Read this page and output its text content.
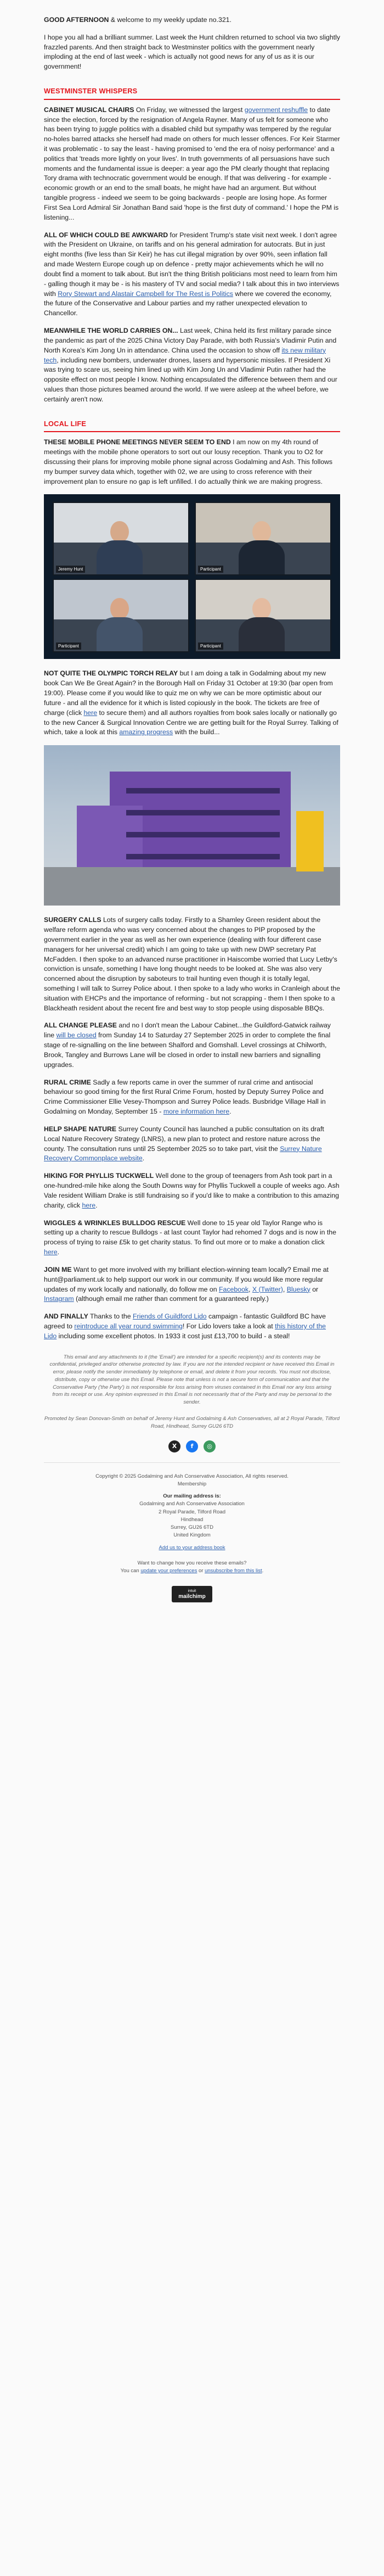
GOOD AFTERNOON & welcome to my weekly update no.321.

I hope you all had a brilliant summer. Last week the Hunt children returned to school via two slightly frazzled parents. And then straight back to Westminster politics with the government nearly imploding at the end of last week - which is actually not good news for any of us as it is our government!

WESTMINSTER WHISPERS

CABINET MUSICAL CHAIRS On Friday, we witnessed the largest government reshuffle to date since the election, forced by the resignation of Angela Rayner. Many of us felt for someone who has been trying to juggle politics with a disabled child but sympathy was tempered by the regular no-holes barred attacks she herself had made on others for much lesser offences. For Keir Starmer it was problematic - to say the least - having promised to 'end the era of noisy performance' and a politics that 'treads more lightly on your lives'. In truth governments of all persuasions have such moments and the fundamental issue is deeper: a year ago the PM clearly thought that replacing Tory drama with technocratic government would be enough. If that was delivering - for example - economic growth or an end to the small boats, he might have had an argument. But without tangible progress - indeed we seem to be going backwards - people are losing hope. As former First Sea Lord Admiral Sir Jonathan Band said 'hope is the first duty of command.' I hope the PM is listening...

ALL OF WHICH COULD BE AWKWARD for President Trump's state visit next week. I don't agree with the President on Ukraine, on tariffs and on his general admiration for autocrats. But in just eight months (five less than Sir Keir) he has cut illegal migration by over 90%, seen inflation fall and made Western Europe cough up on defence - pretty major achievements which he will no doubt find a moment to talk about. But isn't the thing British politicians most need to learn from him - galling though it may be - is his mastery of TV and social media? I talk about this in two interviews with Rory Stewart and Alastair Campbell for The Rest is Politics where we covered the economy, the future of the Conservative and Labour parties and my rather unexpected elevation to Chancellor.

MEANWHILE THE WORLD CARRIES ON... Last week, China held its first military parade since the pandemic as part of the 2025 China Victory Day Parade, with both Russia's Vladimir Putin and North Korea's Kim Jong Un in attendance. China used the occasion to show off its new military tech, including new bombers, underwater drones, lasers and hypersonic missiles. If President Xi was trying to scare us, seeing him lined up with Kim Jong Un and Vladimir Putin rather had the opposite effect on most people I know. Nothing encapsulated the difference between them and our values than those pictures beamed around the world. If we were asleep at the wheel before, we certainly aren't now.

LOCAL LIFE

THESE MOBILE PHONE MEETINGS NEVER SEEM TO END I am now on my 4th round of meetings with the mobile phone operators to sort out our lousy reception. Thank you to O2 for discussing their plans for improving mobile phone signal across Godalming and Ash. This follows my bumper survey data which, together with 02, we are using to cross reference with their improvement plan to ensure no gap is left unfilled. I do actually think we are making progress.

Jeremy Hunt	Participant
Participant	Participant

NOT QUITE THE OLYMPIC TORCH RELAY but I am doing a talk in Godalming about my new book Can We Be Great Again? in the Borough Hall on Friday 31 October at 19:30 (bar open from 19:00). Please come if you would like to quiz me on why we can be more optimistic about our future - and all the evidence for it which is listed copiously in the book. The tickets are free of charge (click here to secure them) and all authors royalties from book sales locally or nationally go to the new Cancer & Surgical Innovation Centre we are getting built for the Royal Surrey. Talking of which, take a look at this amazing progress with the build...

SURGERY CALLS Lots of surgery calls today. Firstly to a Shamley Green resident about the welfare reform agenda who was very concerned about the changes to PIP proposed by the government earlier in the year as well as her own experience (dealing with four different case managers for her universal credit) which I am going to take up with new DWP secretary Pat McFadden. I then spoke to an advanced nurse practitioner in Haiscombe worried that Lucy Letby's conviction is unsafe, something I have long thought needs to be looked at. She was also very concerned about the disruption by saboteurs to trail hunting even though it is totally legal, something I will talk to Surrey Police about. I then spoke to a lady who works in Cranleigh about the situation with EHCPs and the importance of reforming - but not scrapping - them I then spoke to a Blackheath resident about the recent fire and best way to stop people using disposable BBQs.

ALL CHANGE PLEASE and no I don't mean the Labour Cabinet...the Guildford-Gatwick railway line will be closed from Sunday 14 to Saturday 27 September 2025 in order to complete the final stage of re-signalling on the line between Shalford and Gomshall. Level crossings at Chilworth, Brook, Tangley and Burrows Lane will be closed in order to install new barriers and signalling upgrades.

RURAL CRIME Sadly a few reports came in over the summer of rural crime and antisocial behaviour so good timing for the first Rural Crime Forum, hosted by Deputy Surrey Police and Crime Commissioner Ellie Vesey-Thompson and Surrey Police leads. Busbridge Village Hall in Godalming on Monday, September 15 - more information here.

HELP SHAPE NATURE Surrey County Council has launched a public consultation on its draft Local Nature Recovery Strategy (LNRS), a new plan to protect and restore nature across the county. The consultation runs until 25 September 2025 so to take part, visit the Surrey Nature Recovery Commonplace website.

HIKING FOR PHYLLIS TUCKWELL Well done to the group of teenagers from Ash took part in a one-hundred-mile hike along the South Downs way for Phyllis Tuckwell a couple of weeks ago. Ash Vale resident William Drake is still fundraising so if you'd like to make a contribution to this amazing charity, click here.

WIGGLES & WRINKLES BULLDOG RESCUE Well done to 15 year old Taylor Range who is setting up a charity to rescue Bulldogs - at last count Taylor had rehomed 7 dogs and is now in the process of trying to raise £5k to get charity status. To find out more or to make a donation click here.

JOIN ME Want to get more involved with my brilliant election-winning team locally? Email me at hunt@parliament.uk to help support our work in our community. If you would like more regular updates of my work locally and nationally, do follow me on Facebook, X (Twitter), Bluesky or Instagram (although email me rather than comment for a guaranteed reply.)

AND FINALLY Thanks to the Friends of Guildford Lido campaign - fantastic Guildford BC have agreed to reintroduce all year round swimming! For Lido lovers take a look at this history of the Lido including some excellent photos. In 1933 it cost just £13,700 to build - a steal!

This email and any attachments to it (the 'Email') are intended for a specific recipient(s) and its contents may be confidential, privileged and/or otherwise protected by law. If you are not the intended recipient or have received this Email in error, please notify the sender immediately by telephone or email, and delete it from your records. You must not disclose, distribute, copy or otherwise use this Email. Please note that unless is not a secure form of communication and that the Conservative Party ('the Party') is not responsible for loss arising from viruses contained in this Email nor any loss arising from its receipt or use. Any opinion expressed in this Email is not necessarily that of the Party and may be personal to the sender.
Promoted by Sean Donovan-Smith on behalf of Jeremy Hunt and Godalming & Ash Conservatives, all at 2 Royal Parade, Tilford Road, Hindhead, Surrey GU26 6TD
X	f	◎
Copyright © 2025 Godalming and Ash Conservative Association, All rights reserved.
Membership
Our mailing address is:
Godalming and Ash Conservative Association
2 Royal Parade, Tilford Road
Hindhead
Surrey, GU26 6TD
United Kingdom
Add us to your address book
Want to change how you receive these emails?
You can update your preferences or unsubscribe from this list.
intuit
mailchimp
